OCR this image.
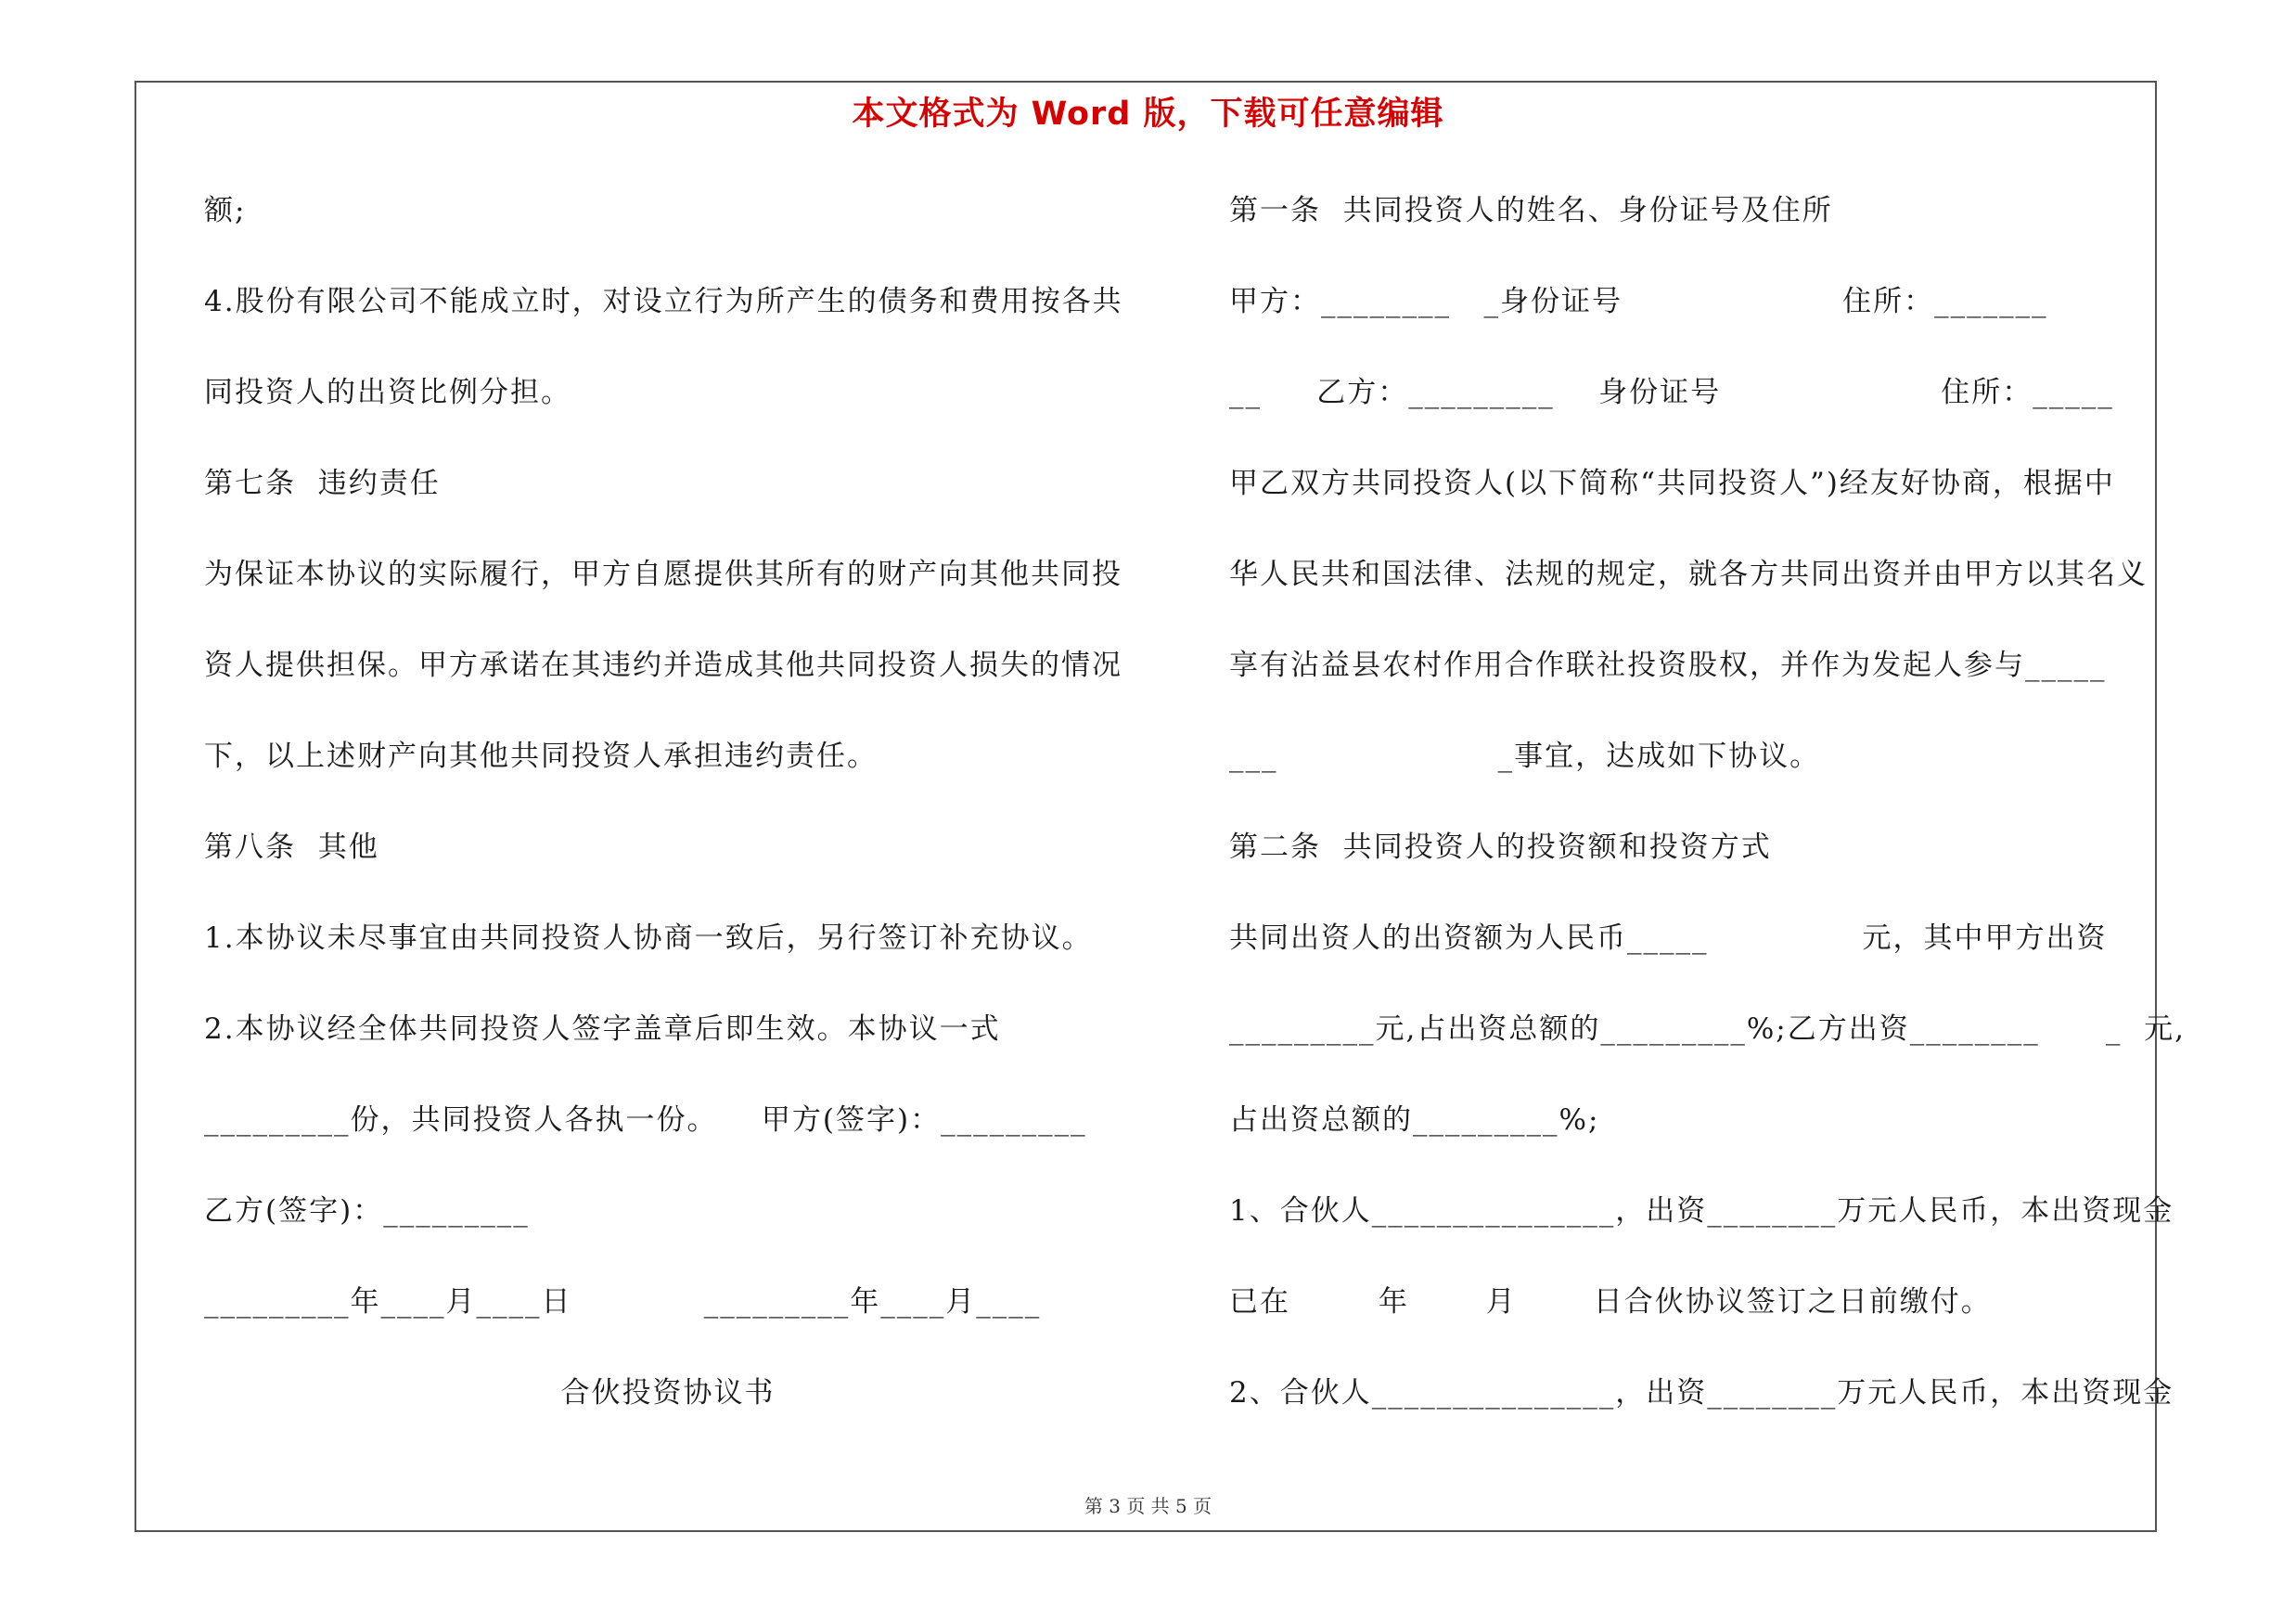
本文格式为 Word 版，下载可任意编辑
额;
4.股份有限公司不能成立时，对设立行为所产生的债务和费用按各共
同投资人的出资比例分担。
第七条  违约责任
为保证本协议的实际履行，甲方自愿提供其所有的财产向其他共同投
资人提供担保。甲方承诺在其违约并造成其他共同投资人损失的情况
下，以上述财产向其他共同投资人承担违约责任。
第八条  其他
1.本协议未尽事宜由共同投资人协商一致后，另行签订补充协议。
2.本协议经全体共同投资人签字盖章后即生效。本协议一式
_________份，共同投资人各执一份。    甲方(签字)：_________
乙方(签字)：_________
_________年____月____日            _________年____月____
合伙投资协议书
第一条  共同投资人的姓名、身份证号及住所
甲方：________   _身份证号                    住所：_______
__     乙方：_________    身份证号                    住所：_____
甲乙双方共同投资人(以下简称“共同投资人”)经友好协商，根据中
华人民共和国法律、法规的规定，就各方共同出资并由甲方以其名义
享有沾益县农村作用合作联社投资股权，并作为发起人参与_____
___                    _事宜，达成如下协议。
第二条  共同投资人的投资额和投资方式
共同出资人的出资额为人民币_____              元，其中甲方出资
_________元,占出资总额的_________%;乙方出资________      _  元,
占出资总额的_________%;
1、合伙人_______________，出资________万元人民币，本出资现金
已在        年       月       日合伙协议签订之日前缴付。
2、合伙人_______________，出资________万元人民币，本出资现金
第 3 页 共 5 页
